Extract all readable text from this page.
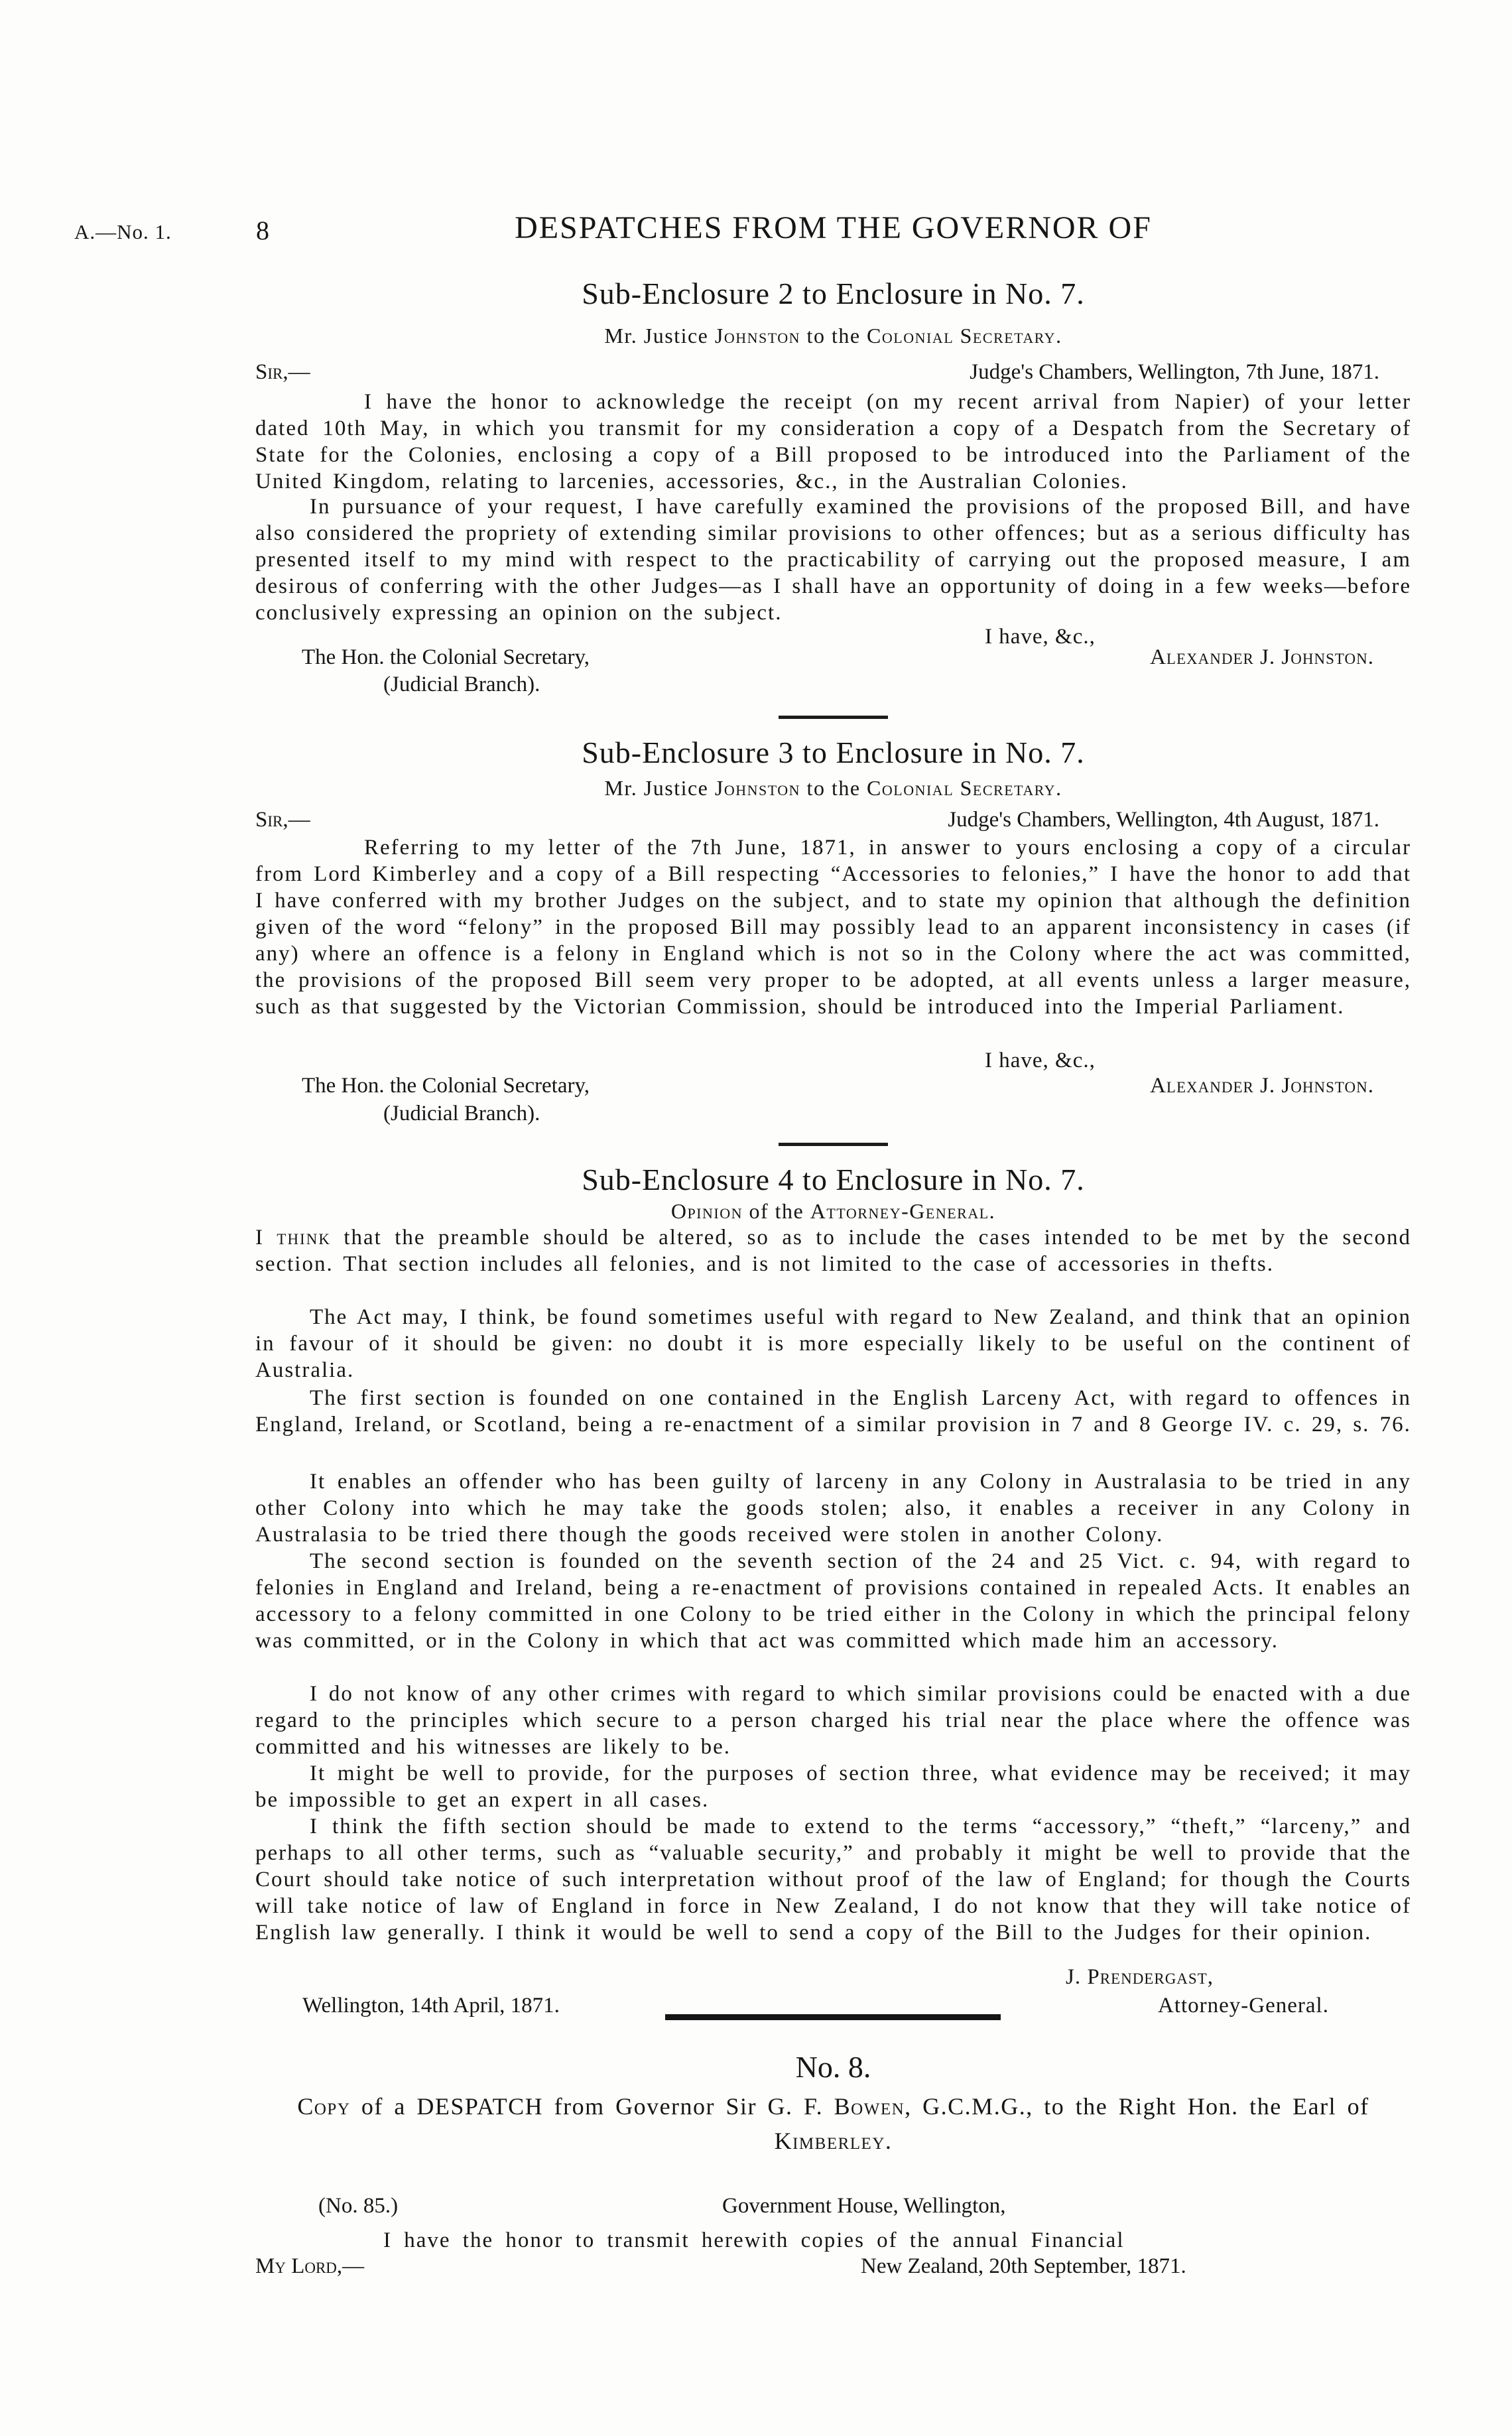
A.—No. 1.	8	DESPATCHES FROM THE GOVERNOR OF
Sub-Enclosure 2 to Enclosure in No. 7.
Mr. Justice Johnston to the Colonial Secretary.
Sir,—	Judge's Chambers, Wellington, 7th June, 1871.

I have the honor to acknowledge the receipt (on my recent arrival from Napier) of your letter dated 10th May, in which you transmit for my consideration a copy of a Despatch from the Secretary of State for the Colonies, enclosing a copy of a Bill proposed to be introduced into the Parliament of the United Kingdom, relating to larcenies, accessories, &c., in the Australian Colonies.

In pursuance of your request, I have carefully examined the provisions of the proposed Bill, and have also considered the propriety of extending similar provisions to other offences; but as a serious difficulty has presented itself to my mind with respect to the practicability of carrying out the proposed measure, I am desirous of conferring with the other Judges—as I shall have an opportunity of doing in a few weeks—before conclusively expressing an opinion on the subject.

I have, &c.,
The Hon. the Colonial Secretary,	Alexander J. Johnston.
(Judicial Branch).
Sub-Enclosure 3 to Enclosure in No. 7.
Mr. Justice Johnston to the Colonial Secretary.
Sir,—	Judge's Chambers, Wellington, 4th August, 1871.

Referring to my letter of the 7th June, 1871, in answer to yours enclosing a copy of a circular from Lord Kimberley and a copy of a Bill respecting “Accessories to felonies,” I have the honor to add that I have conferred with my brother Judges on the subject, and to state my opinion that although the definition given of the word “felony” in the proposed Bill may possibly lead to an apparent inconsistency in cases (if any) where an offence is a felony in England which is not so in the Colony where the act was committed, the provisions of the proposed Bill seem very proper to be adopted, at all events unless a larger measure, such as that suggested by the Victorian Commission, should be introduced into the Imperial Parliament.

I have, &c.,
The Hon. the Colonial Secretary,	Alexander J. Johnston.
(Judicial Branch).
Sub-Enclosure 4 to Enclosure in No. 7.
Opinion of the Attorney-General.

I think that the preamble should be altered, so as to include the cases intended to be met by the second section. That section includes all felonies, and is not limited to the case of accessories in thefts.

The Act may, I think, be found sometimes useful with regard to New Zealand, and think that an opinion in favour of it should be given: no doubt it is more especially likely to be useful on the continent of Australia.

The first section is founded on one contained in the English Larceny Act, with regard to offences in England, Ireland, or Scotland, being a re-enactment of a similar provision in 7 and 8 George IV. c. 29, s. 76.

It enables an offender who has been guilty of larceny in any Colony in Australasia to be tried in any other Colony into which he may take the goods stolen; also, it enables a receiver in any Colony in Australasia to be tried there though the goods received were stolen in another Colony.

The second section is founded on the seventh section of the 24 and 25 Vict. c. 94, with regard to felonies in England and Ireland, being a re-enactment of provisions contained in repealed Acts. It enables an accessory to a felony committed in one Colony to be tried either in the Colony in which the principal felony was committed, or in the Colony in which that act was committed which made him an accessory.

I do not know of any other crimes with regard to which similar provisions could be enacted with a due regard to the principles which secure to a person charged his trial near the place where the offence was committed and his witnesses are likely to be.

It might be well to provide, for the purposes of section three, what evidence may be received; it may be impossible to get an expert in all cases.

I think the fifth section should be made to extend to the terms “accessory,” “theft,” “larceny,” and perhaps to all other terms, such as “valuable security,” and probably it might be well to provide that the Court should take notice of such interpretation without proof of the law of England; for though the Courts will take notice of law of England in force in New Zealand, I do not know that they will take notice of English law generally. I think it would be well to send a copy of the Bill to the Judges for their opinion.

J. Prendergast,
Wellington, 14th April, 1871.	Attorney-General.
No. 8.
Copy of a DESPATCH from Governor Sir G. F. Bowen, G.C.M.G., to the Right Hon. the Earl of Kimberley.
(No. 85.)	Government House, Wellington,
My Lord,—	New Zealand, 20th September, 1871.

I have the honor to transmit herewith copies of the annual Financial
